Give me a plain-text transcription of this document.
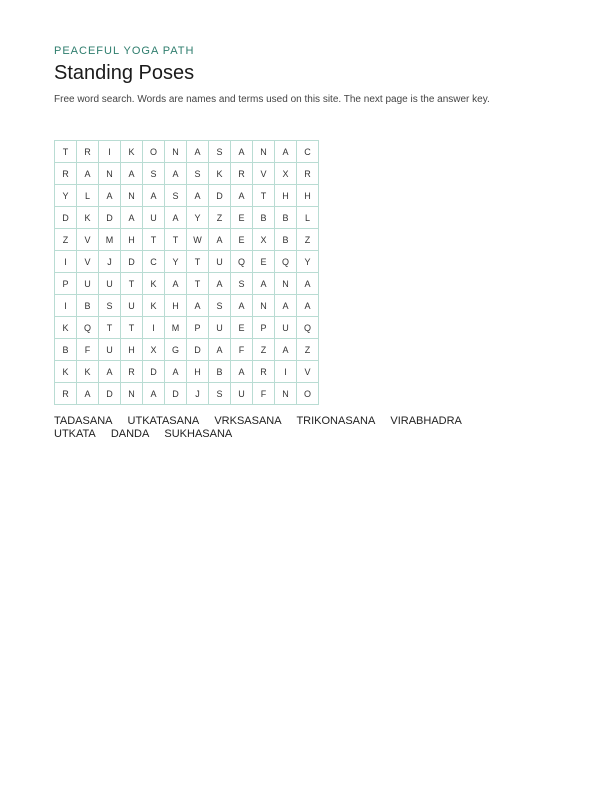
PEACEFUL YOGA PATH
Standing Poses
Free word search. Words are names and terms used on this site. The next page is the answer key.
T	R	I	K	O	N	A	S	A	N	A	C
R	A	N	A	S	A	S	K	R	V	X	R
Y	L	A	N	A	S	A	D	A	T	H	H
D	K	D	A	U	A	Y	Z	E	B	B	L
Z	V	M	H	T	T	W	A	E	X	B	Z
I	V	J	D	C	Y	T	U	Q	E	Q	Y
P	U	U	T	K	A	T	A	S	A	N	A
I	B	S	U	K	H	A	S	A	N	A	A
K	Q	T	T	I	M	P	U	E	P	U	Q
B	F	U	H	X	G	D	A	F	Z	A	Z
K	K	A	R	D	A	H	B	A	R	I	V
R	A	D	N	A	D	J	S	U	F	N	O
TADASANA UTKATASANA VRKSASANA TRIKONASANA VIRABHADRA UTKATA DANDA SUKHASANA
